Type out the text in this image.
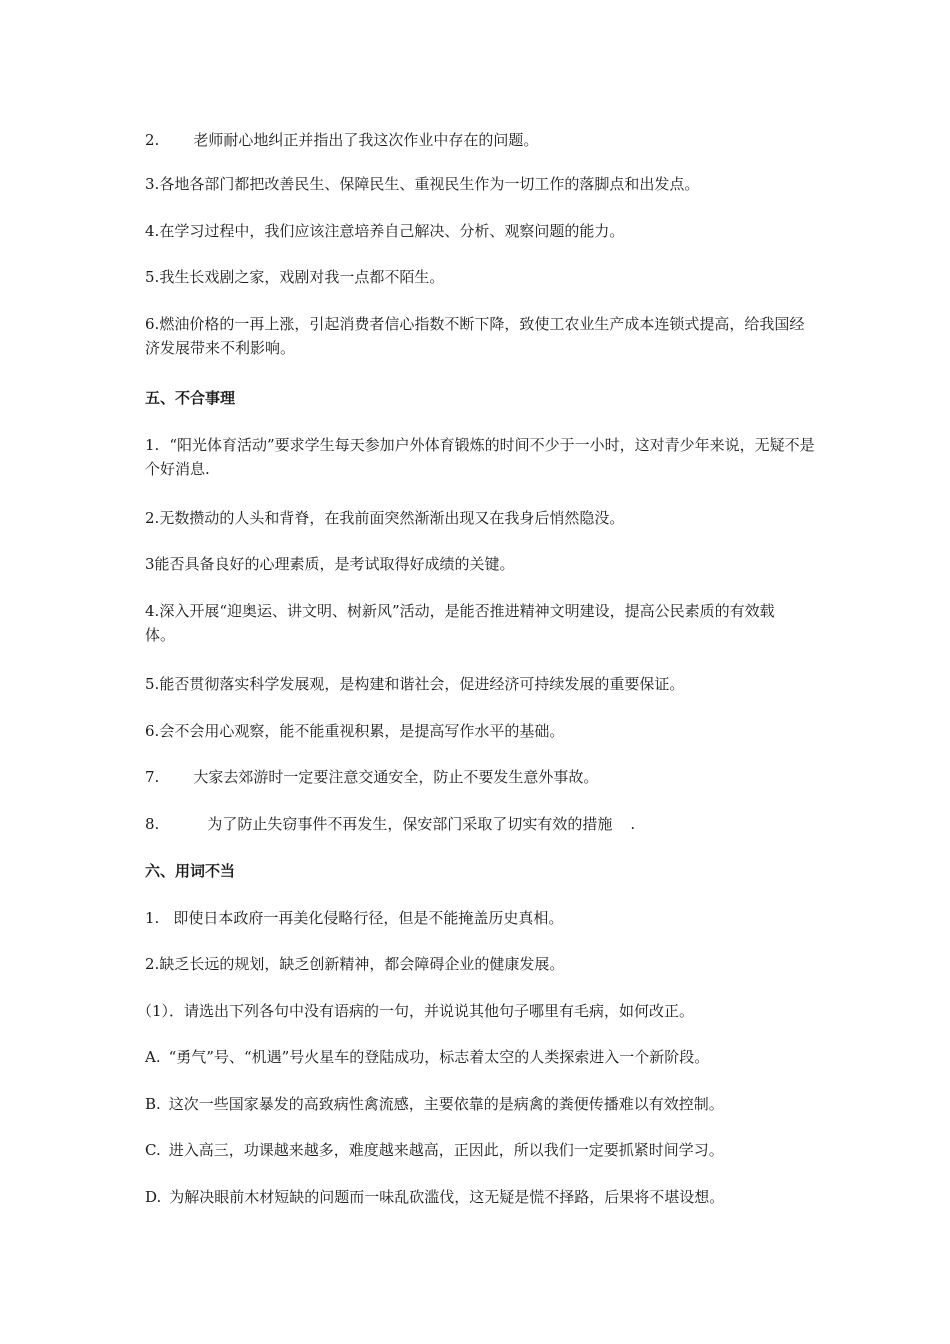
2. 老师耐心地纠正并指出了我这次作业中存在的问题。
3.各地各部门都把改善民生、保障民生、重视民生作为一切工作的落脚点和出发点。
4.在学习过程中，我们应该注意培养自己解决、分析、观察问题的能力。
5.我生长戏剧之家，戏剧对我一点都不陌生。
6.燃油价格的一再上涨，引起消费者信心指数不断下降，致使工农业生产成本连锁式提高，给我国经济发展带来不利影响。
五、不合事理
1. “阳光体育活动”要求学生每天参加户外体育锻炼的时间不少于一小时，这对青少年来说，无疑不是个好消息.
2.无数攒动的人头和背脊，在我前面突然渐渐出现又在我身后悄然隐没。
3能否具备良好的心理素质，是考试取得好成绩的关键。
4.深入开展“迎奥运、讲文明、树新风”活动，是能否推进精神文明建设，提高公民素质的有效载体。
5.能否贯彻落实科学发展观，是构建和谐社会，促进经济可持续发展的重要保证。
6.会不会用心观察，能不能重视积累，是提高写作水平的基础。
7. 大家去郊游时一定要注意交通安全，防止不要发生意外事故。
8.	为了防止失窃事件不再发生，保安部门采取了切实有效的措施 .
六、用词不当
1. 即使日本政府一再美化侵略行径，但是不能掩盖历史真相。
2.缺乏长远的规划，缺乏创新精神，都会障碍企业的健康发展。
（1）．请选出下列各句中没有语病的一句，并说说其他句子哪里有毛病，如何改正。
A. “勇气”号、“机遇”号火星车的登陆成功，标志着太空的人类探索进入一个新阶段。
B. 这次一些国家暴发的高致病性禽流感，主要依靠的是病禽的粪便传播难以有效控制。
C. 进入高三，功课越来越多，难度越来越高，正因此，所以我们一定要抓紧时间学习。
D. 为解决眼前木材短缺的问题而一味乱砍滥伐，这无疑是慌不择路，后果将不堪设想。
